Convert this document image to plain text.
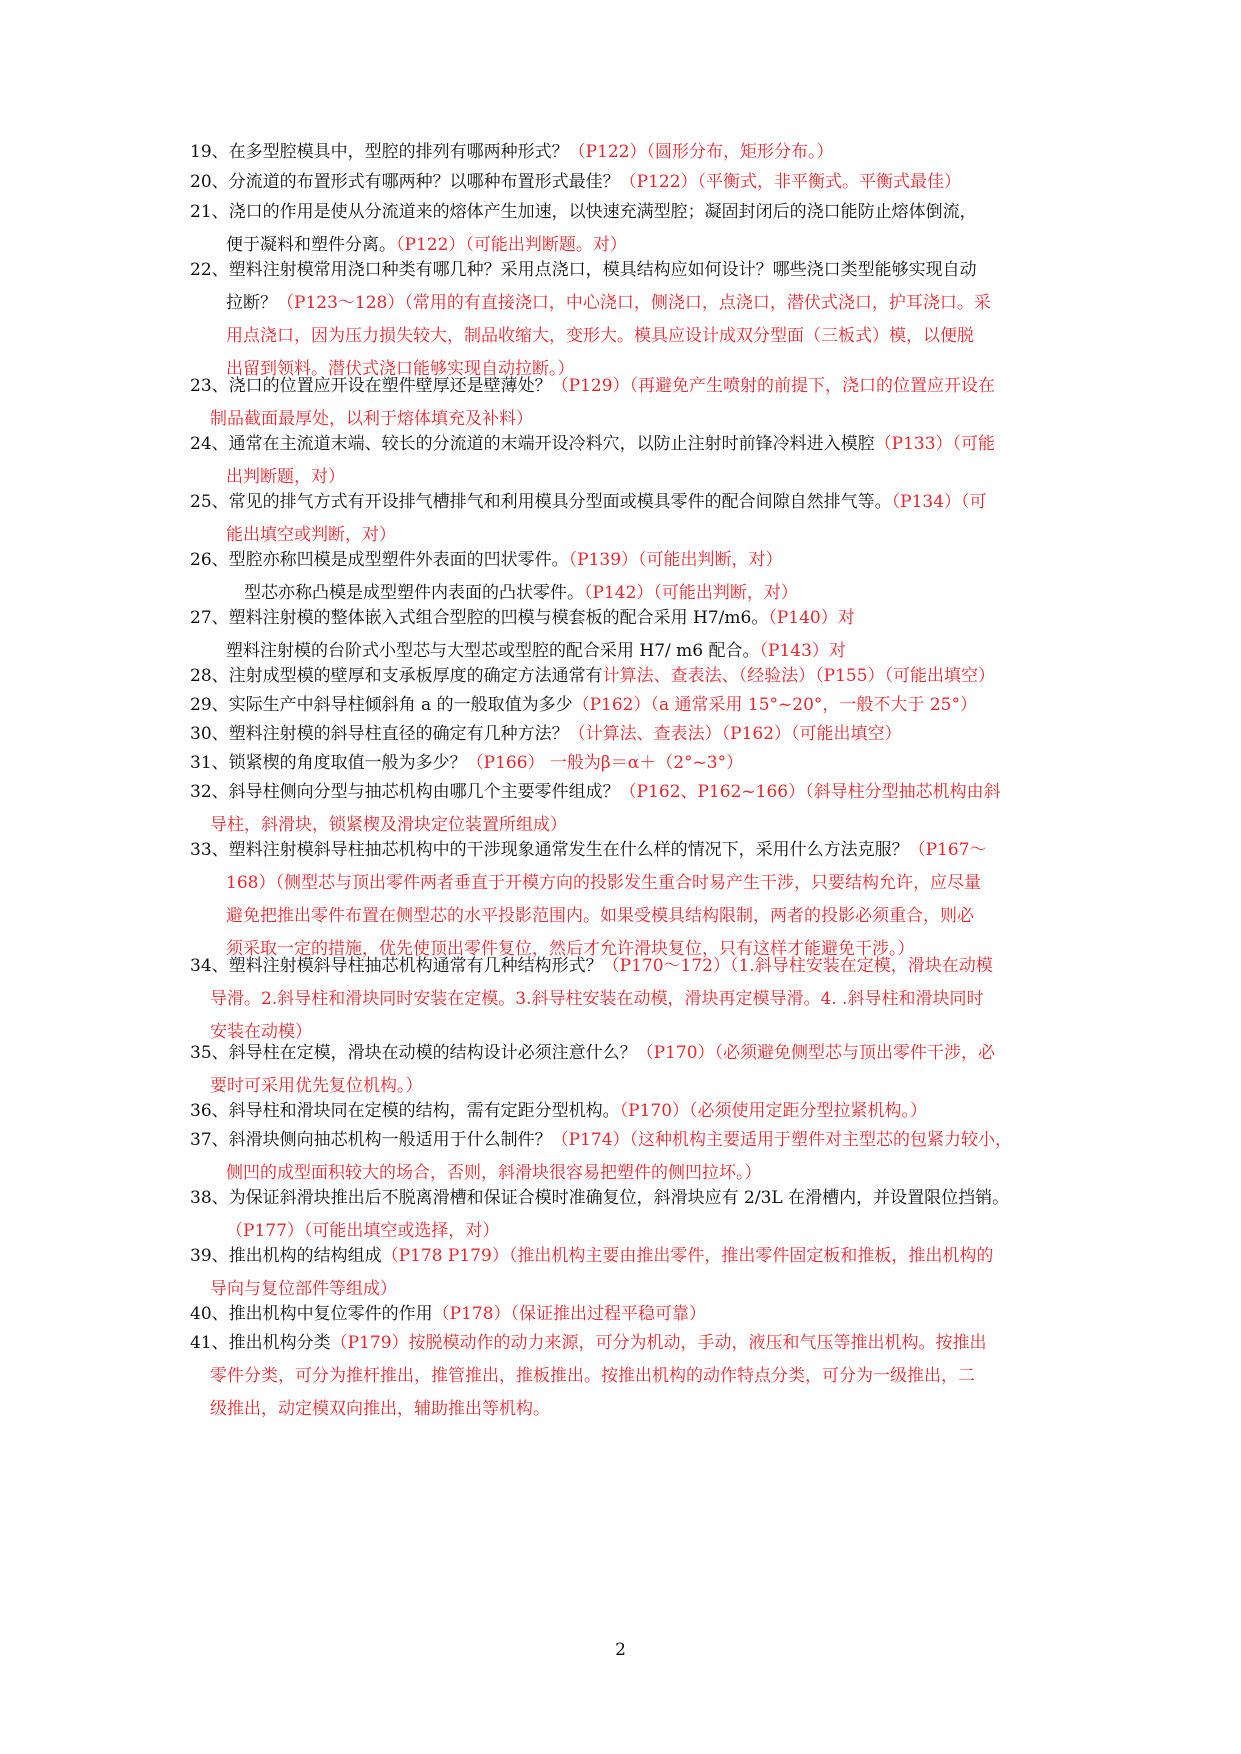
19、在多型腔模具中，型腔的排列有哪两种形式？（P122）（圆形分布，矩形分布。）

20、分流道的布置形式有哪两种？以哪种布置形式最佳？（P122）（平衡式，非平衡式。平衡式最佳）

21、浇口的作用是使从分流道来的熔体产生加速，以快速充满型腔；凝固封闭后的浇口能防止熔体倒流，
便于凝料和塑件分离。（P122）（可能出判断题。对）

22、塑料注射模常用浇口种类有哪几种？采用点浇口，模具结构应如何设计？哪些浇口类型能够实现自动
拉断？（P123～128）（常用的有直接浇口，中心浇口，侧浇口，点浇口，潜伏式浇口，护耳浇口。采
用点浇口，因为压力损失较大，制品收缩大，变形大。模具应设计成双分型面（三板式）模，以便脱
出留到领料。潜伏式浇口能够实现自动拉断。）

23、浇口的位置应开设在塑件壁厚还是壁薄处？（P129）（再避免产生喷射的前提下，浇口的位置应开设在
制品截面最厚处，以利于熔体填充及补料）

24、通常在主流道末端、较长的分流道的末端开设冷料穴，以防止注射时前锋冷料进入模腔（P133）（可能
出判断题，对）

25、常见的排气方式有开设排气槽排气和利用模具分型面或模具零件的配合间隙自然排气等。（P134）（可
能出填空或判断，对）

26、型腔亦称凹模是成型塑件外表面的凹状零件。（P139）（可能出判断，对）
型芯亦称凸模是成型塑件内表面的凸状零件。（P142）（可能出判断，对）

27、塑料注射模的整体嵌入式组合型腔的凹模与模套板的配合采用 H7/m6。（P140）对
塑料注射模的台阶式小型芯与大型芯或型腔的配合采用 H7/ m6 配合。（P143）对

28、注射成型模的壁厚和支承板厚度的确定方法通常有计算法、查表法、（经验法）（P155）（可能出填空）

29、实际生产中斜导柱倾斜角 a 的一般取值为多少（P162）（a 通常采用 15°~20°，一般不大于 25°）

30、塑料注射模的斜导柱直径的确定有几种方法？（计算法、查表法）（P162）（可能出填空）

31、锁紧楔的角度取值一般为多少？（P166） 一般为β＝α＋（2°~3°）

32、斜导柱侧向分型与抽芯机构由哪几个主要零件组成？（P162、P162~166）（斜导柱分型抽芯机构由斜
导柱，斜滑块，锁紧楔及滑块定位装置所组成）

33、塑料注射模斜导柱抽芯机构中的干涉现象通常发生在什么样的情况下，采用什么方法克服？（P167～
168）（侧型芯与顶出零件两者垂直于开模方向的投影发生重合时易产生干涉，只要结构允许，应尽量
避免把推出零件布置在侧型芯的水平投影范围内。如果受模具结构限制，两者的投影必须重合，则必
须采取一定的措施，优先使顶出零件复位，然后才允许滑块复位，只有这样才能避免干涉。）

34、塑料注射模斜导柱抽芯机构通常有几种结构形式？（P170～172）（1.斜导柱安装在定模，滑块在动模
导滑。2.斜导柱和滑块同时安装在定模。3.斜导柱安装在动模，滑块再定模导滑。4. .斜导柱和滑块同时
安装在动模）

35、斜导柱在定模，滑块在动模的结构设计必须注意什么？（P170）（必须避免侧型芯与顶出零件干涉，必
要时可采用优先复位机构。）

36、斜导柱和滑块同在定模的结构，需有定距分型机构。（P170）（必须使用定距分型拉紧机构。）

37、斜滑块侧向抽芯机构一般适用于什么制件？（P174）（这种机构主要适用于塑件对主型芯的包紧力较小，
侧凹的成型面积较大的场合，否则，斜滑块很容易把塑件的侧凹拉坏。）

38、为保证斜滑块推出后不脱离滑槽和保证合模时准确复位，斜滑块应有 2/3L 在滑槽内，并设置限位挡销。
（P177）（可能出填空或选择，对）

39、推出机构的结构组成（P178 P179）（推出机构主要由推出零件，推出零件固定板和推板，推出机构的
导向与复位部件等组成）

40、推出机构中复位零件的作用（P178）（保证推出过程平稳可靠）

41、推出机构分类（P179）按脱模动作的动力来源，可分为机动，手动，液压和气压等推出机构。按推出
零件分类，可分为推杆推出，推管推出，推板推出。按推出机构的动作特点分类，可分为一级推出，二
级推出，动定模双向推出，辅助推出等机构。

2
